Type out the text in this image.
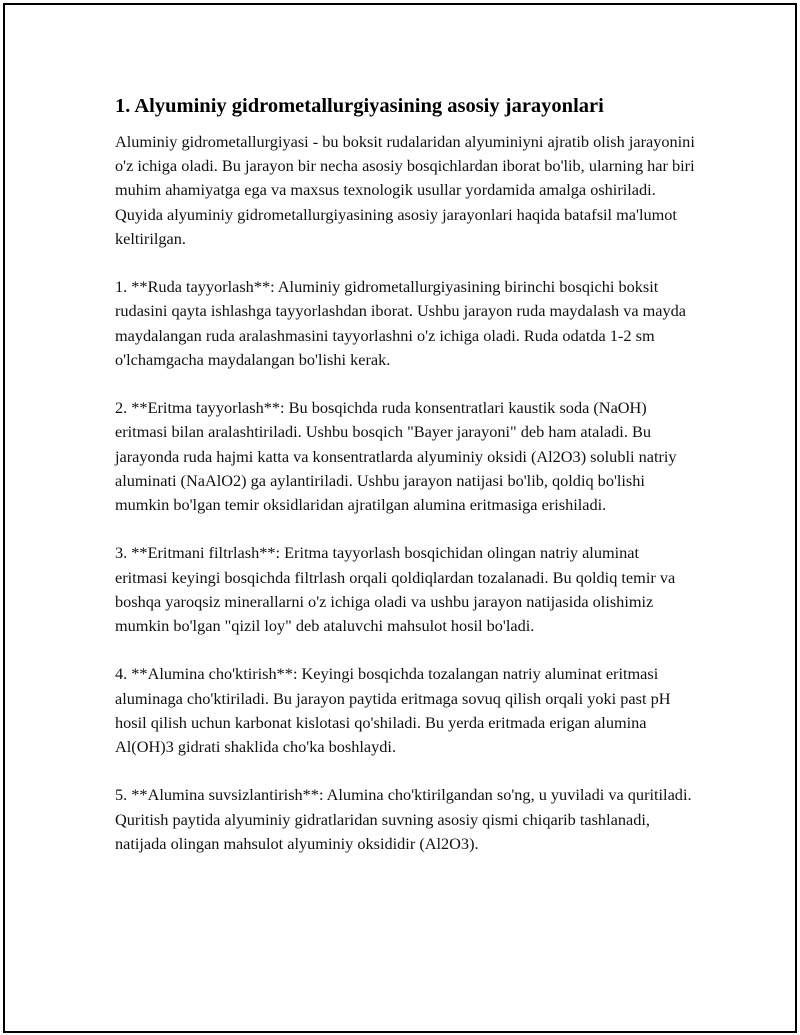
1. Alyuminiy gidrometallurgiyasining asosiy jarayonlari

Aluminiy gidrometallurgiyasi - bu boksit rudalaridan alyuminiyni ajratib olish jarayonini o'z ichiga oladi. Bu jarayon bir necha asosiy bosqichlardan iborat bo'lib, ularning har biri muhim ahamiyatga ega va maxsus texnologik usullar yordamida amalga oshiriladi. Quyida alyuminiy gidrometallurgiyasining asosiy jarayonlari haqida batafsil ma'lumot keltirilgan.

1. **Ruda tayyorlash**: Aluminiy gidrometallurgiyasining birinchi bosqichi boksit rudasini qayta ishlashga tayyorlashdan iborat. Ushbu jarayon ruda maydalash va mayda maydalangan ruda aralashmasini tayyorlashni o'z ichiga oladi. Ruda odatda 1-2 sm o'lchamgacha maydalangan bo'lishi kerak.

2. **Eritma tayyorlash**: Bu bosqichda ruda konsentratlari kaustik soda (NaOH) eritmasi bilan aralashtiriladi. Ushbu bosqich "Bayer jarayoni" deb ham ataladi. Bu jarayonda ruda hajmi katta va konsentratlarda alyuminiy oksidi (Al2O3) solubli natriy aluminati (NaAlO2) ga aylantiriladi. Ushbu jarayon natijasi bo'lib, qoldiq bo'lishi mumkin bo'lgan temir oksidlaridan ajratilgan alumina eritmasiga erishiladi.

3. **Eritmani filtrlash**: Eritma tayyorlash bosqichidan olingan natriy aluminat eritmasi keyingi bosqichda filtrlash orqali qoldiqlardan tozalanadi. Bu qoldiq temir va boshqa yaroqsiz minerallarni o'z ichiga oladi va ushbu jarayon natijasida olishimiz mumkin bo'lgan "qizil loy" deb ataluvchi mahsulot hosil bo'ladi.

4. **Alumina cho'ktirish**: Keyingi bosqichda tozalangan natriy aluminat eritmasi aluminaga cho'ktiriladi. Bu jarayon paytida eritmaga sovuq qilish orqali yoki past pH hosil qilish uchun karbonat kislotasi qo'shiladi. Bu yerda eritmada erigan alumina Al(OH)3 gidrati shaklida cho'ka boshlaydi.

5. **Alumina suvsizlantirish**: Alumina cho'ktirilgandan so'ng, u yuviladi va quritiladi. Quritish paytida alyuminiy gidratlaridan suvning asosiy qismi chiqarib tashlanadi, natijada olingan mahsulot alyuminiy oksididir (Al2O3).
